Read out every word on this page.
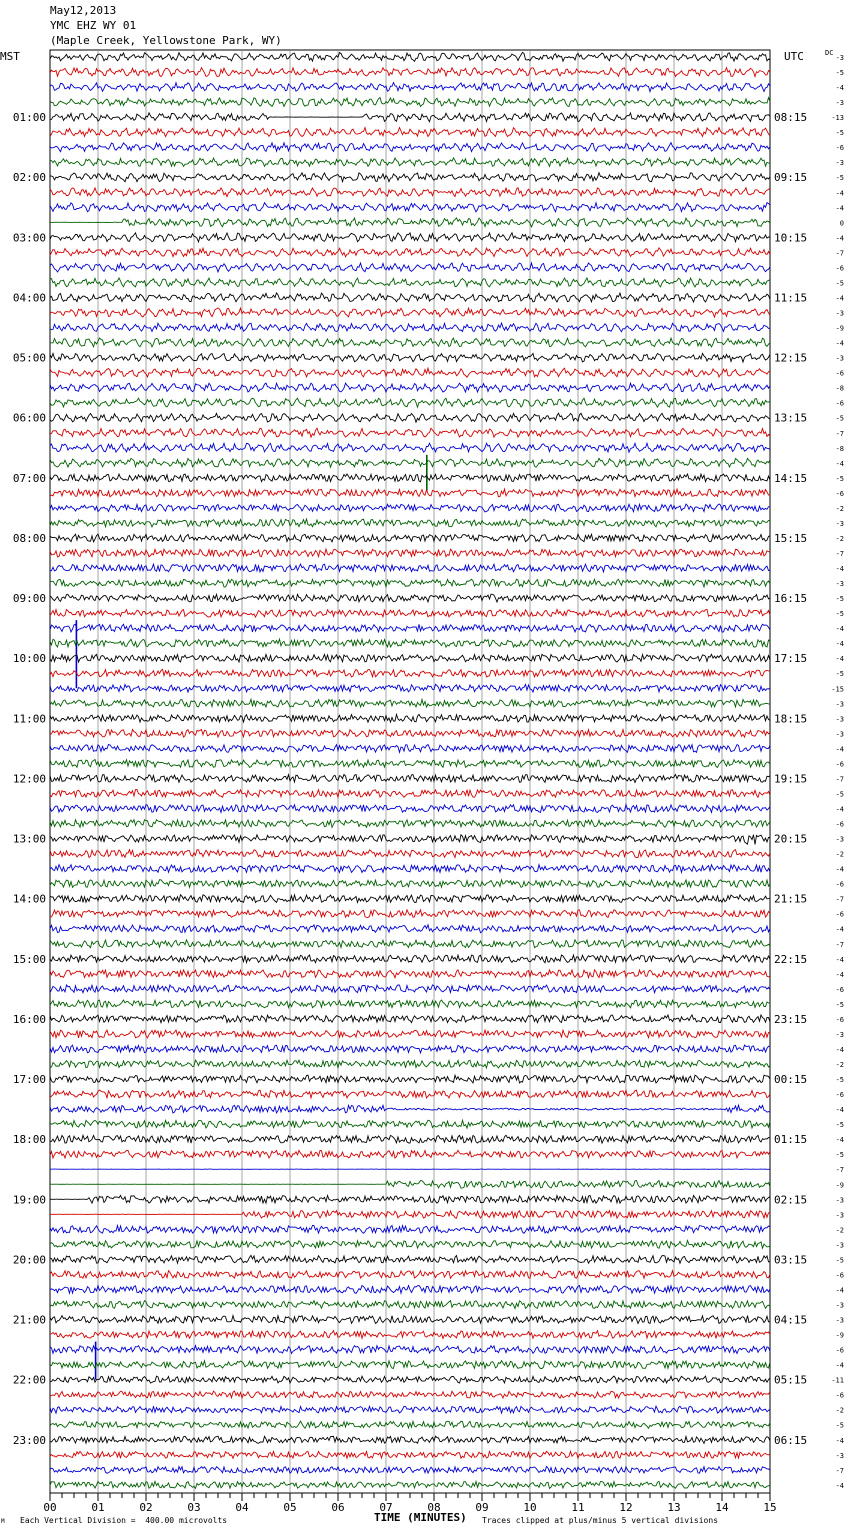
May12,2013
YMC EHZ WY 01
(Maple Creek, Yellowstone Park, WY)
MST	UTC	DC
01:00
02:00
03:00
04:00
05:00
06:00
07:00
08:00
09:00
10:00
11:00
12:00
13:00
14:00
15:00
16:00
17:00
18:00
19:00
20:00
21:00
22:00
23:00
08:15
09:15
10:15
11:15
12:15
13:15
14:15
15:15
16:15
17:15
18:15
19:15
20:15
21:15
22:15
23:15
00:15
01:15
02:15
03:15
04:15
05:15
06:15
-3
-5
-4
-3
-13
-5
-6
-3
-5
-4
-4
0
-4
-7
-6
-5
-4
-3
-9
-4
-3
-6
-8
-6
-5
-7
-8
-4
-5
-6
-2
-3
-2
-7
-4
-3
-5
-5
-4
-4
-4
-5
-15
-3
-3
-3
-4
-6
-7
-5
-4
-6
-3
-2
-4
-6
-7
-6
-4
-7
-4
-4
-6
-5
-6
-3
-4
-2
-5
-6
-4
-5
-4
-5
-7
-9
-3
-3
-2
-3
-5
-6
-4
-3
-3
-9
-6
-4
-11
-6
-2
-5
-4
-3
-7
-4
00	01	02	03	04	05	06	07	08	09	10	11	12	13	14	15
M Each Vertical Division =  400.00 microvolts	TIME (MINUTES) Traces clipped at plus/minus 5 vertical divisions
